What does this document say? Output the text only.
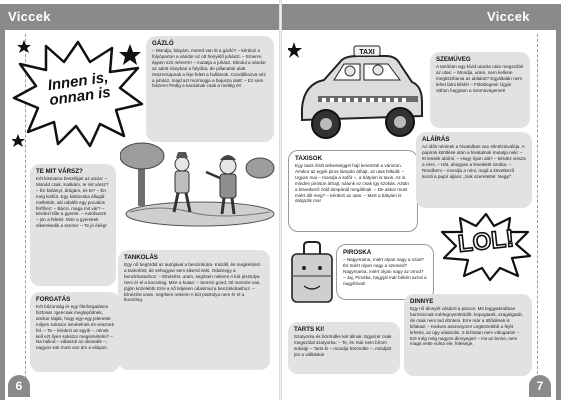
Viccek	Viccek
Innen is, onnan is
GÁZLÓ

– Mondja, bátyám, mered van itt a gázló? – kérdezi a folyóparton a vándor az ott henyélő juhászt. – Emerre, éppen szó mérerre! – mutatja a juhász. Elindul a vándor az adott irányban a folyóba, de pillanatok alatt összecsapnak a feje felett a hullámok. Csodálkozva néz a juhász, majd azt mormogja a bajusza alatt: – Ez sem hiszem! Pedig a kacsának csak a mellég ér!

TE MIT VÁRSZ?

Két kismama beszélget az utcán: – Mondd csak, Katikám, te mit vársz? – Én kislányt, drágám, és te? – Én meg kisfiút. Egy kisbocska állogál mellettük, aki odaléb egy pocakos férfihez: – Bácsi, maga mit vár? – kérdezi tőle a gyerek. – Autóbuszt! – jön a felelet. Mire a gyerekek elkerekedik a szeme: – Te jó ééég!

TANKOLÁS

Egy nő begördül az autójával a benzinkútra. Kiszáll, és megkérdezi a tankolóst, de sehogyan sem sikerül neki. Odamegy a benzinkutashoz: – Elnézést, uram, segítsen nekem! A kút pisztolya nem ér el a kocsimig. Mire a kutas: – Semmi gond, töl mensze van, jöjjön közelebb! Erre a nő teljesen odasimul a benzinkútashoz. – Elnézést uram, segítsen nekem! A kút pisztolya nem ér el a kocsimig.

FORGATÁS

Két bűzonság ér egy filmforgatáson biztosat. Igencsak meglepődnek, amikor látják, hogy egy-egy jelenetet milyen sokszor ismételnek és vesznek fel. – Te – kérdezi az egyik –, minek kell ezt ilyen sokszor megismételni? – Na hallod – válaszol az okosabb –, nagyon sok most van ám a világon.

6
TAXI
SZEMÜVEG

A tanítóan egy kívid utazás után megszólal az utas: – Mondja, uram, nem kellene megtisztítania az ablakot? Egyáltalán nem lehet látni kifelé! – Fölöslegesi! Úgyis otthon hagytam a szemüvegemet!

TAXISOK

Egy taxis őrült sebességgel hajt keresztül a városon. Amikor az egyik piros lámpán áthajt, az utas felkiált: – Ugyan mai – mondja a sofőr –, a bátyám is taxis. Az is minden piroson áthajt, nálunk ez csak így szokás. Aztán a következő zöld lámpánál megállnak. – De akkor most miért állt meg? – kérdezi az utas. – Mert a bátyám is dolgozik ma!

ALÁÍRÁS

Az idős néninek a hivatalban van elintéznivalója. A papírok kitöltése után a hivatalnok mutatja neki: – Itt tessék aláírni. – Hogy írjam alá? – kérdez vissza a néni. – Hát, ahogyan a levelekét szokta. – Rendben! – mondja a néni, majd a következő kezdi a papír aljára: „Sok szeretettel: Nagyi".

LOL!
PIROSKA

– Nagymama, miért olyan nagy a szád? És miért olyan nagy a szemed? Nagymama, miért olyan nagy az orrod? – Jaj, Piroska, hagyjál már békén azzal a nagyítóval!

TARTS KI!

Szatyorka és böröndke két állnak. Egyszer csak megszólal szatyorka: – Te, én már nem bírom sokáig! – Tarts ki – mondja böröndke –, mindjárt jön a válltáska!

DINNYE

Egy nő dinnyét vásárol a piacon. Mit leggyakrabban harmincnak mérlegnyenktódőt, kopogtatót, szagolgatót, de csak nem tud dönteni. Erre már a ütlődések is kifakad: – Kedves asszonyom! Legközelebb a fejét lehetni, az úgy vásárolni, ö biztosan nem válogatós! – Ezt még még nagyon dinnyegor! – Ha az lenne, nem maga vette volna ele, felesége.

7
